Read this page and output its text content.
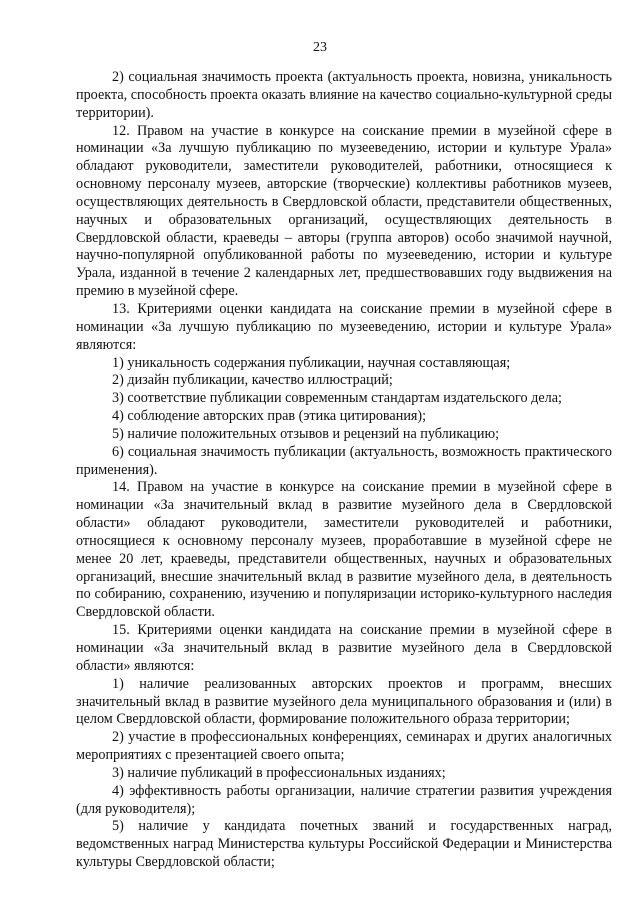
23

2) социальная значимость проекта (актуальность проекта, новизна, уникальность проекта, способность проекта оказать влияние на качество социально-культурной среды территории).

12. Правом на участие в конкурсе на соискание премии в музейной сфере в номинации «За лучшую публикацию по музееведению, истории и культуре Урала» обладают руководители, заместители руководителей, работники, относящиеся к основному персоналу музеев, авторские (творческие) коллективы работников музеев, осуществляющих деятельность в Свердловской области, представители общественных, научных и образовательных организаций, осуществляющих деятельность в Свердловской области, краеведы – авторы (группа авторов) особо значимой научной, научно-популярной опубликованной работы по музееведению, истории и культуре Урала, изданной в течение 2 календарных лет, предшествовавших году выдвижения на премию в музейной сфере.

13. Критериями оценки кандидата на соискание премии в музейной сфере в номинации «За лучшую публикацию по музееведению, истории и культуре Урала» являются:

1) уникальность содержания публикации, научная составляющая;

2) дизайн публикации, качество иллюстраций;

3) соответствие публикации современным стандартам издательского дела;

4) соблюдение авторских прав (этика цитирования);

5) наличие положительных отзывов и рецензий на публикацию;

6) социальная значимость публикации (актуальность, возможность практического применения).

14. Правом на участие в конкурсе на соискание премии в музейной сфере в номинации «За значительный вклад в развитие музейного дела в Свердловской области» обладают руководители, заместители руководителей и работники, относящиеся к основному персоналу музеев, проработавшие в музейной сфере не менее 20 лет, краеведы, представители общественных, научных и образовательных организаций, внесшие значительный вклад в развитие музейного дела, в деятельность по собиранию, сохранению, изучению и популяризации историко-культурного наследия Свердловской области.

15. Критериями оценки кандидата на соискание премии в музейной сфере в номинации «За значительный вклад в развитие музейного дела в Свердловской области» являются:

1) наличие реализованных авторских проектов и программ, внесших значительный вклад в развитие музейного дела муниципального образования и (или) в целом Свердловской области, формирование положительного образа территории;

2) участие в профессиональных конференциях, семинарах и других аналогичных мероприятиях с презентацией своего опыта;

3) наличие публикаций в профессиональных изданиях;

4) эффективность работы организации, наличие стратегии развития учреждения (для руководителя);

5) наличие у кандидата почетных званий и государственных наград, ведомственных наград Министерства культуры Российской Федерации и Министерства культуры Свердловской области;
